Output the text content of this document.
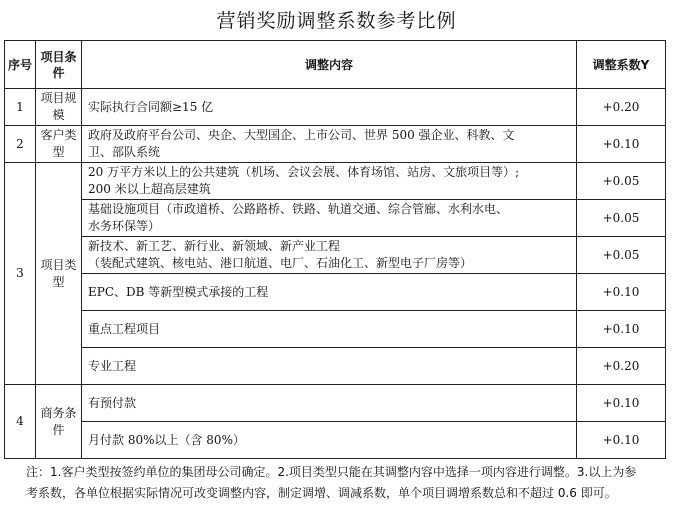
营销奖励调整系数参考比例
序号	项目条件	调整内容	调整系数Y
1	项目规模	实际执行合同额≥15 亿	+0.20
2	客户类型	政府及政府平台公司、央企、大型国企、上市公司、世界 500 强企业、科教、文
卫、部队系统	+0.10
3	项目类型	20 万平方米以上的公共建筑（机场、会议会展、体育场馆、站房、文旅项目等）;
200 米以上超高层建筑	+0.05

		基础设施项目（市政道桥、公路路桥、铁路、轨道交通、综合管廊、水利水电、
水务环保等）	+0.05

		新技术、新工艺、新行业、新领域、新产业工程
（装配式建筑、核电站、港口航道、电厂、石油化工、新型电子厂房等）	+0.05

		EPC、DB 等新型模式承接的工程	+0.10

		重点工程项目	+0.10

		专业工程	+0.20
4	商务条件	有预付款	+0.10

		月付款 80%以上（含 80%）	+0.10
注：1.客户类型按签约单位的集团母公司确定。2.项目类型只能在其调整内容中选择一项内容进行调整。3.以上为参考系数，各单位根据实际情况可改变调整内容，制定调增、调减系数，单个项目调增系数总和不超过 0.6 即可。
